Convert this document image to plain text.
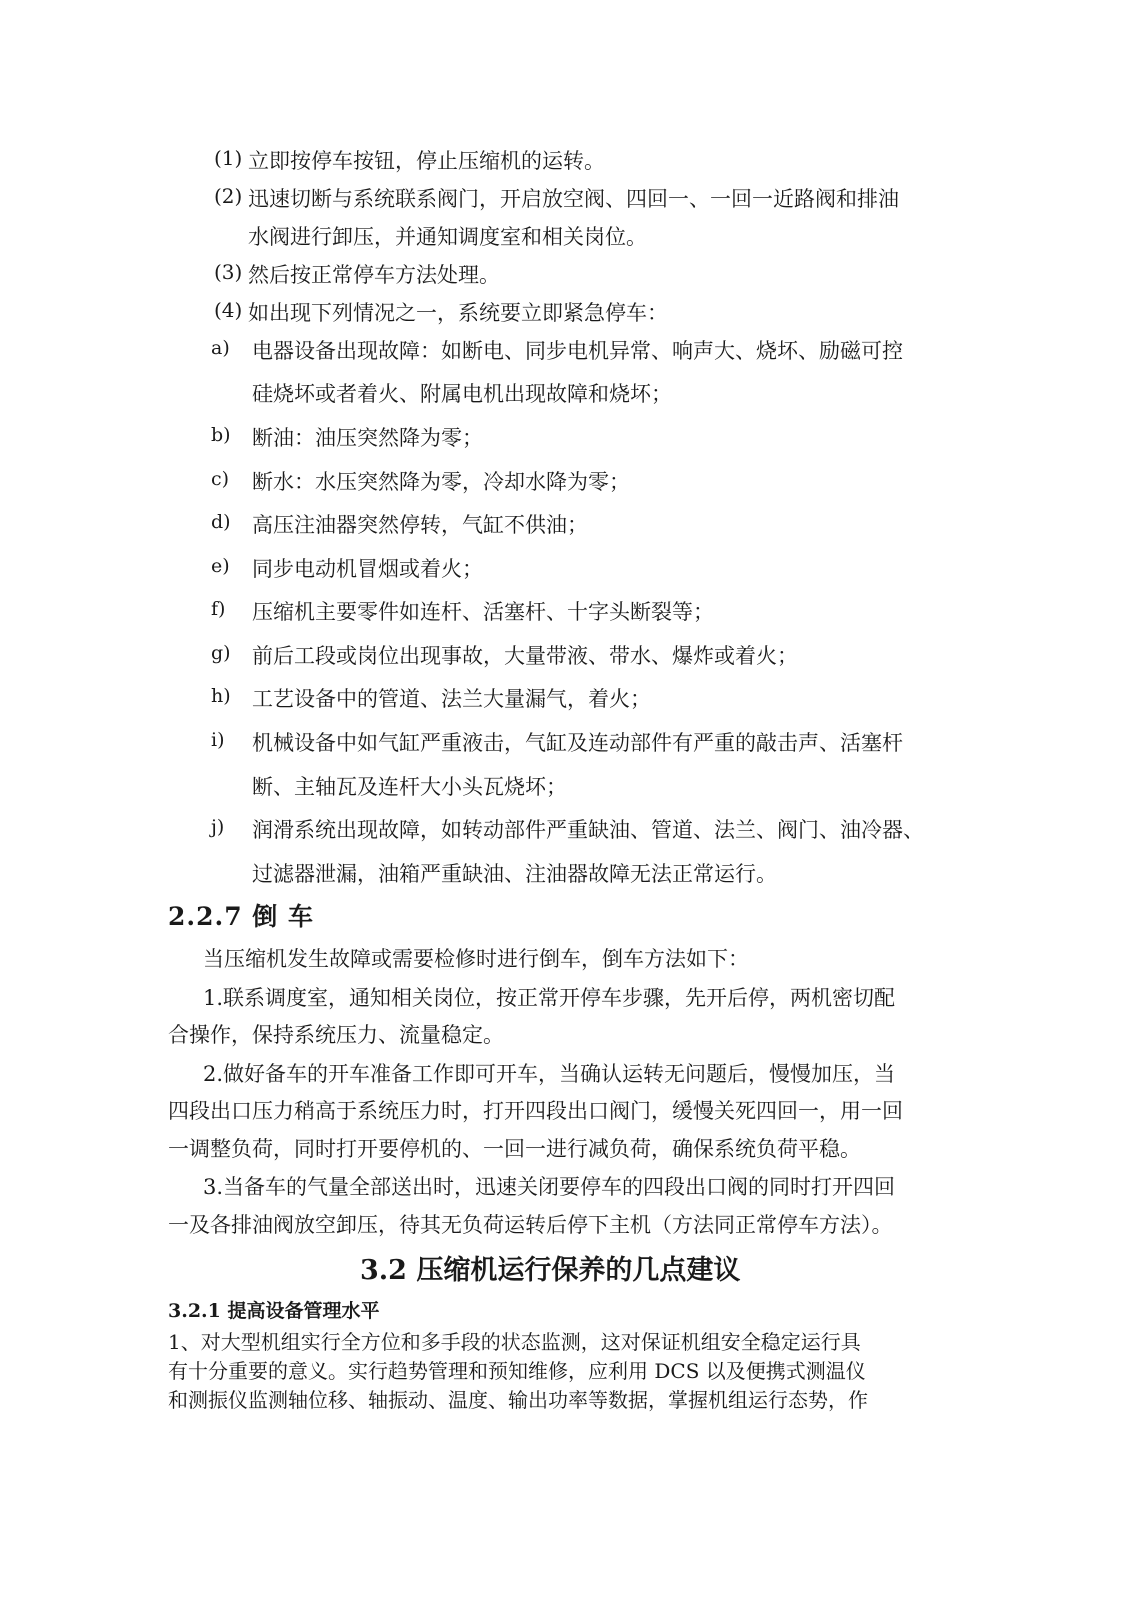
(1) 立即按停车按钮，停止压缩机的运转。
(2) 迅速切断与系统联系阀门，开启放空阀、四回一、一回一近路阀和排油
水阀进行卸压，并通知调度室和相关岗位。
(3) 然后按正常停车方法处理。
(4) 如出现下列情况之一，系统要立即紧急停车：
a) 电器设备出现故障：如断电、同步电机异常、响声大、烧坏、励磁可控
硅烧坏或者着火、附属电机出现故障和烧坏；
b) 断油：油压突然降为零；
c) 断水：水压突然降为零，冷却水降为零；
d) 高压注油器突然停转，气缸不供油；
e) 同步电动机冒烟或着火；
f) 压缩机主要零件如连杆、活塞杆、十字头断裂等；
g) 前后工段或岗位出现事故，大量带液、带水、爆炸或着火；
h) 工艺设备中的管道、法兰大量漏气，着火；
i) 机械设备中如气缸严重液击，气缸及连动部件有严重的敲击声、活塞杆
断、主轴瓦及连杆大小头瓦烧坏；
j) 润滑系统出现故障，如转动部件严重缺油、管道、法兰、阀门、油冷器、
过滤器泄漏，油箱严重缺油、注油器故障无法正常运行。
2.2.7 倒 车
当压缩机发生故障或需要检修时进行倒车，倒车方法如下：
1.联系调度室，通知相关岗位，按正常开停车步骤，先开后停，两机密切配
合操作，保持系统压力、流量稳定。
2.做好备车的开车准备工作即可开车，当确认运转无问题后，慢慢加压，当
四段出口压力稍高于系统压力时，打开四段出口阀门，缓慢关死四回一，用一回
一调整负荷，同时打开要停机的、一回一进行减负荷，确保系统负荷平稳。
3.当备车的气量全部送出时，迅速关闭要停车的四段出口阀的同时打开四回
一及各排油阀放空卸压，待其无负荷运转后停下主机（方法同正常停车方法）。
3.2 压缩机运行保养的几点建议
3.2.1 提高设备管理水平
1、对大型机组实行全方位和多手段的状态监测，这对保证机组安全稳定运行具
有十分重要的意义。实行趋势管理和预知维修，应利用 DCS 以及便携式测温仪
和测振仪监测轴位移、轴振动、温度、输出功率等数据，掌握机组运行态势，作
